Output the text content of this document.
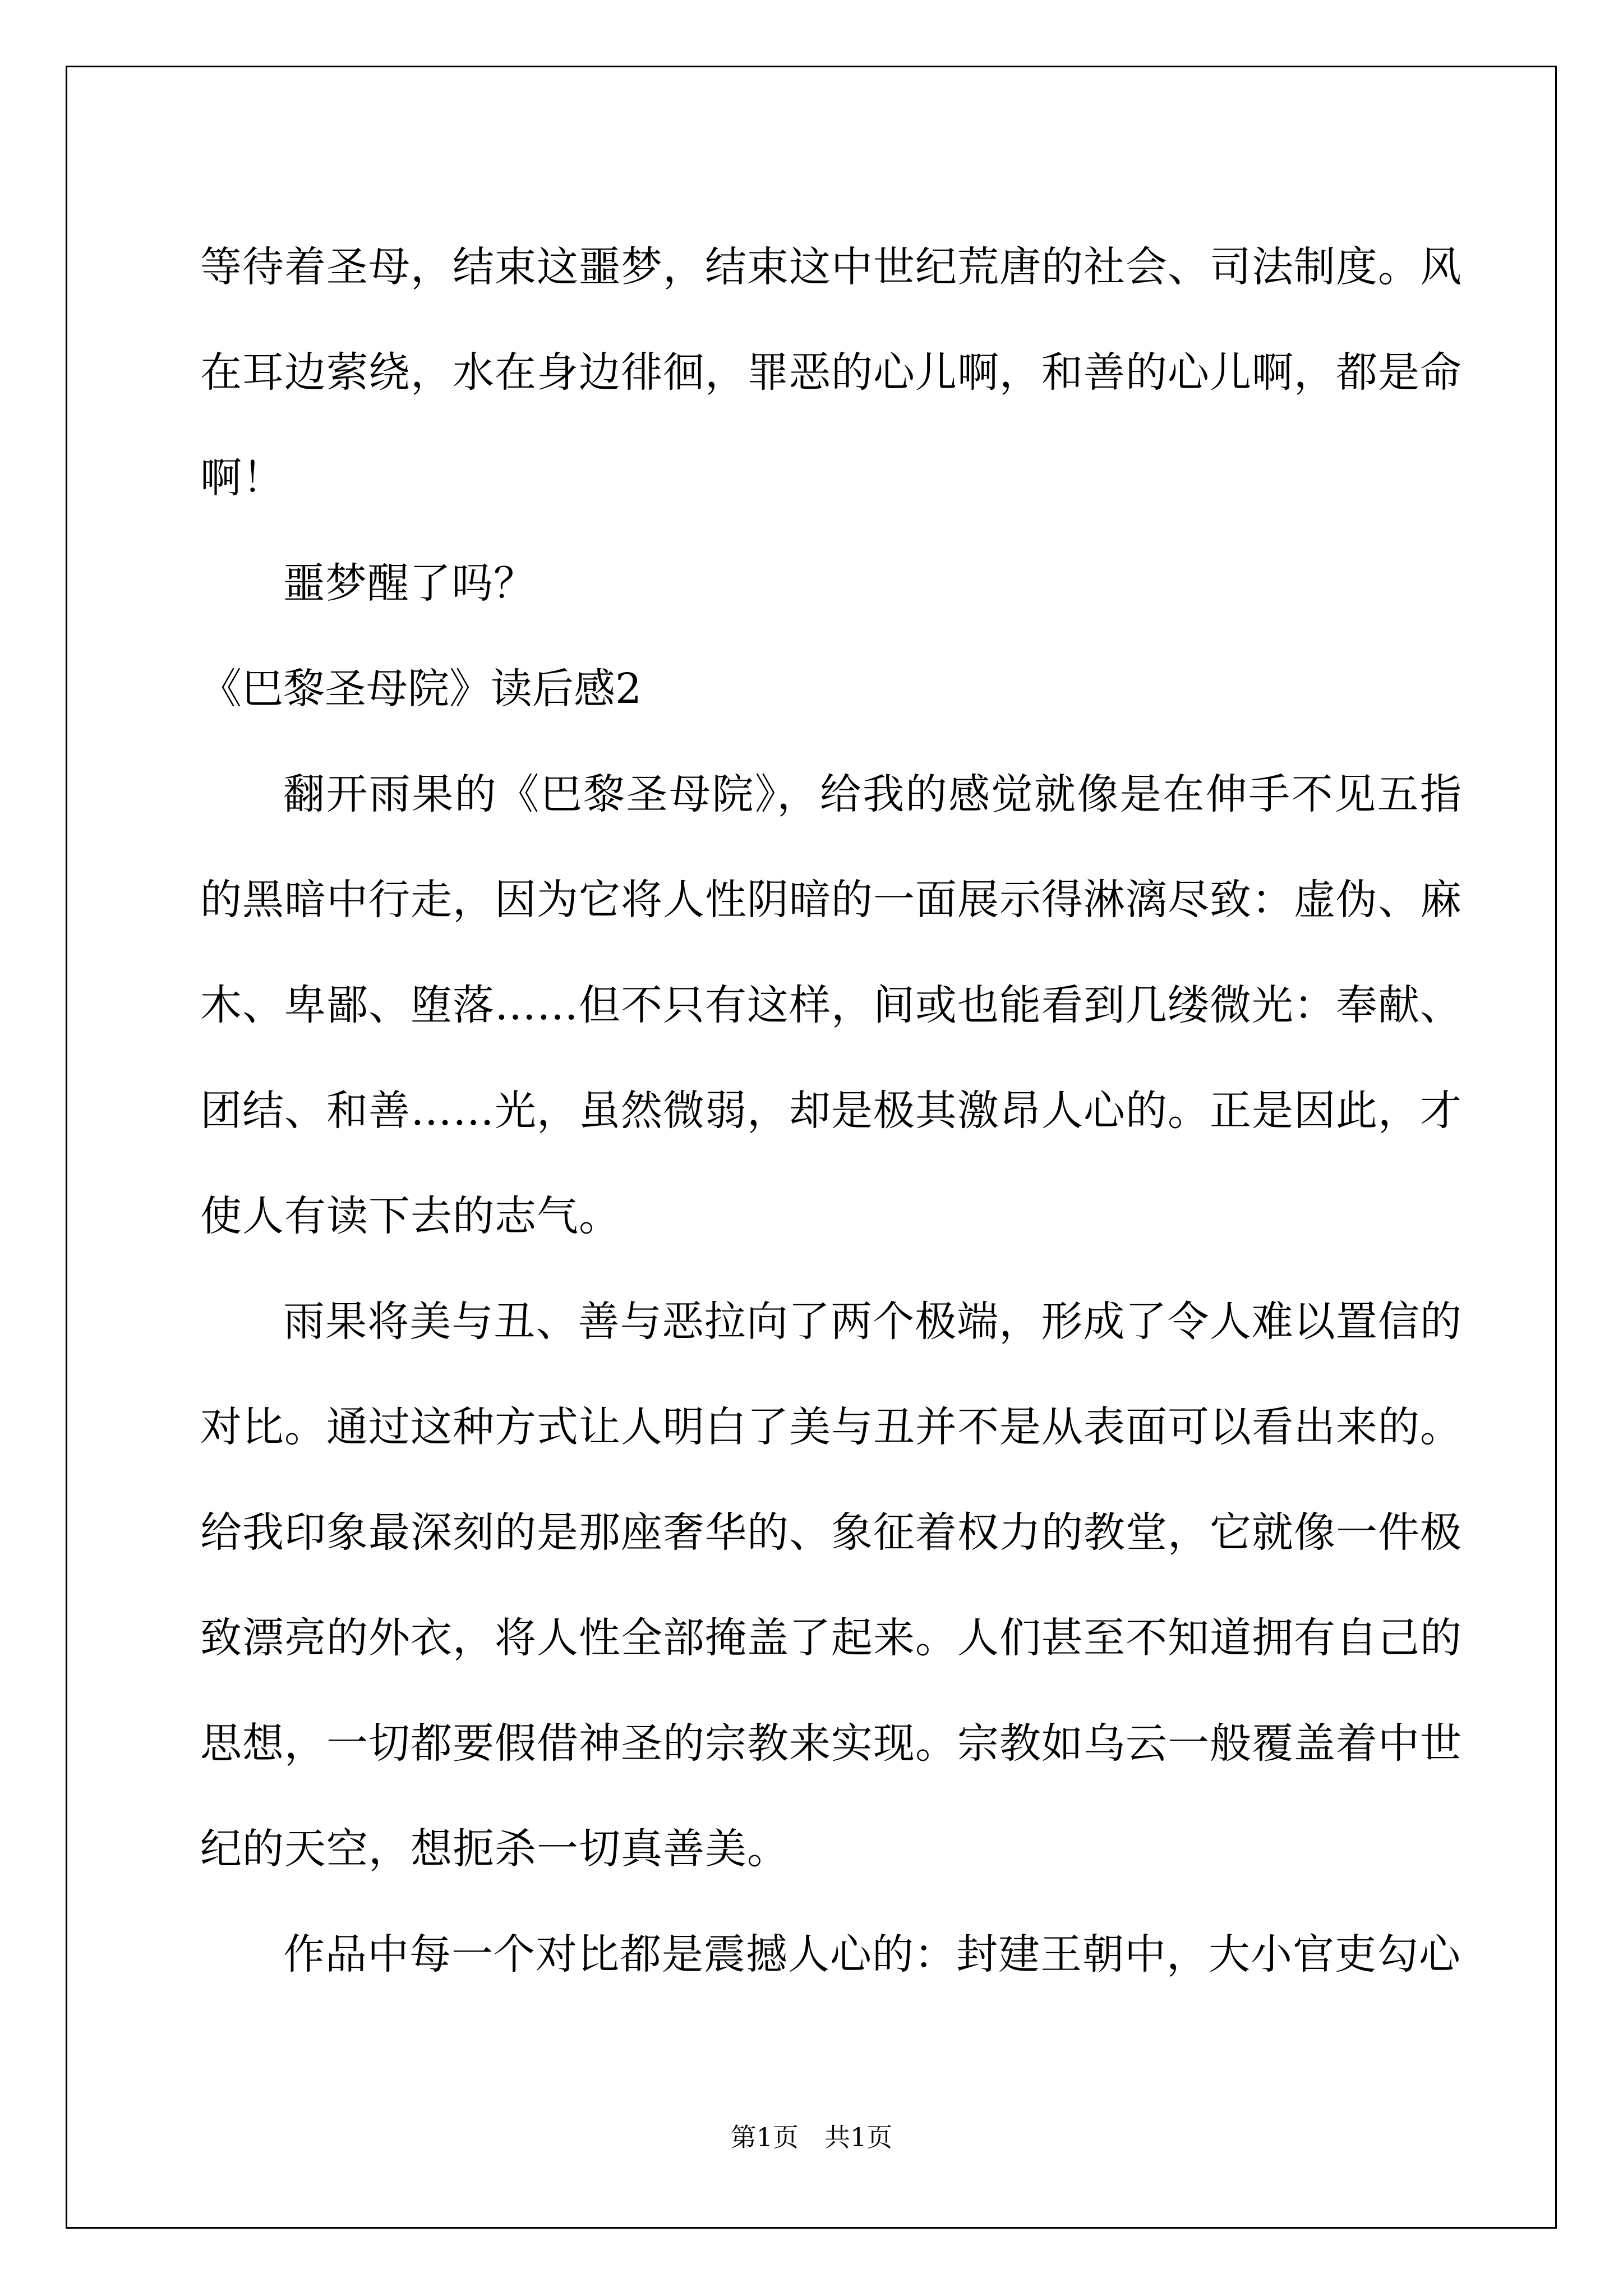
等待着圣母，结束这噩梦，结束这中世纪荒唐的社会、司法制度。风在耳边萦绕，水在身边徘徊，罪恶的心儿啊，和善的心儿啊，都是命啊！

噩梦醒了吗？

《巴黎圣母院》读后感2

翻开雨果的《巴黎圣母院》，给我的感觉就像是在伸手不见五指的黑暗中行走，因为它将人性阴暗的一面展示得淋漓尽致：虚伪、麻木、卑鄙、堕落……但不只有这样，间或也能看到几缕微光：奉献、团结、和善……光，虽然微弱，却是极其激昂人心的。正是因此，才使人有读下去的志气。

雨果将美与丑、善与恶拉向了两个极端，形成了令人难以置信的对比。通过这种方式让人明白了美与丑并不是从表面可以看出来的。给我印象最深刻的是那座奢华的、象征着权力的教堂，它就像一件极致漂亮的外衣，将人性全部掩盖了起来。人们甚至不知道拥有自己的思想，一切都要假借神圣的宗教来实现。宗教如乌云一般覆盖着中世纪的天空，想扼杀一切真善美。

作品中每一个对比都是震撼人心的：封建王朝中，大小官吏勾心

第1页　共1页
